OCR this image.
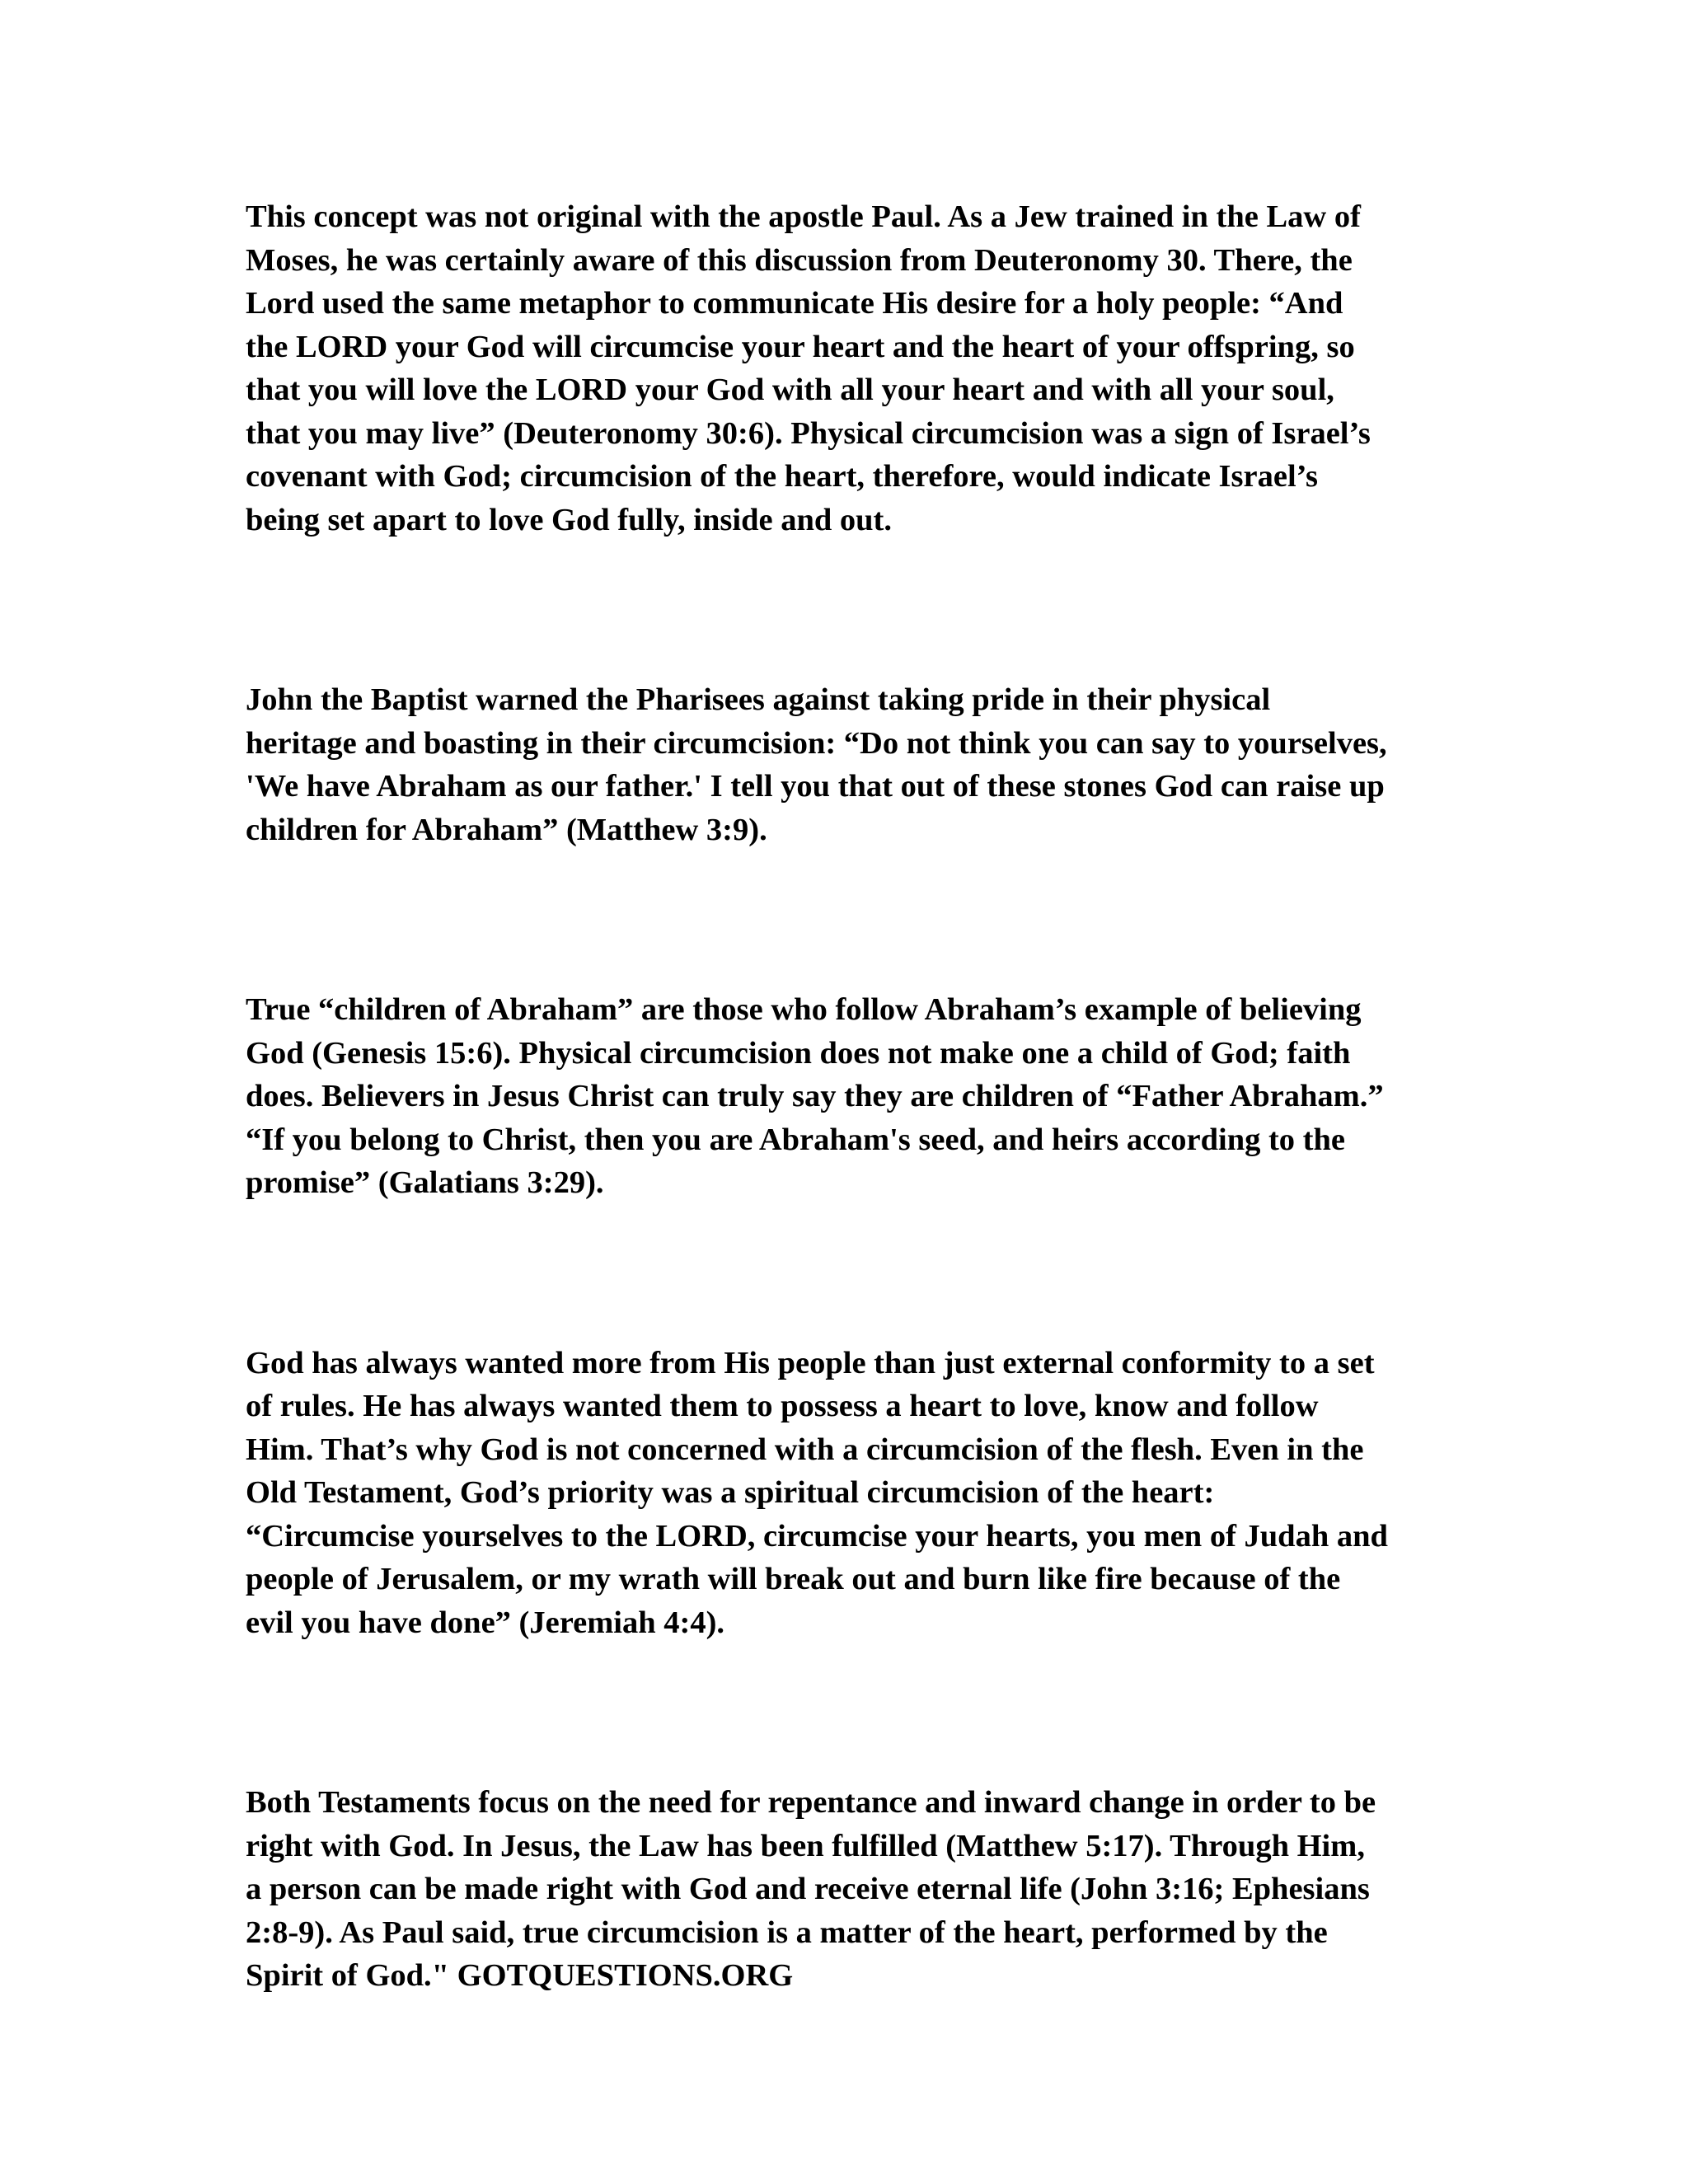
This concept was not original with the apostle Paul. As a Jew trained in the Law of
Moses, he was certainly aware of this discussion from Deuteronomy 30. There, the
Lord used the same metaphor to communicate His desire for a holy people: “And
the LORD your God will circumcise your heart and the heart of your offspring, so
that you will love the LORD your God with all your heart and with all your soul,
that you may live” (Deuteronomy 30:6). Physical circumcision was a sign of Israel’s
covenant with God; circumcision of the heart, therefore, would indicate Israel’s
being set apart to love God fully, inside and out.

John the Baptist warned the Pharisees against taking pride in their physical
heritage and boasting in their circumcision: “Do not think you can say to yourselves,
'We have Abraham as our father.' I tell you that out of these stones God can raise up
children for Abraham” (Matthew 3:9).

True “children of Abraham” are those who follow Abraham’s example of believing
God (Genesis 15:6). Physical circumcision does not make one a child of God; faith
does. Believers in Jesus Christ can truly say they are children of “Father Abraham.”
“If you belong to Christ, then you are Abraham's seed, and heirs according to the
promise” (Galatians 3:29).

God has always wanted more from His people than just external conformity to a set
of rules. He has always wanted them to possess a heart to love, know and follow
Him. That’s why God is not concerned with a circumcision of the flesh. Even in the
Old Testament, God’s priority was a spiritual circumcision of the heart:
“Circumcise yourselves to the LORD, circumcise your hearts, you men of Judah and
people of Jerusalem, or my wrath will break out and burn like fire because of the
evil you have done” (Jeremiah 4:4).

Both Testaments focus on the need for repentance and inward change in order to be
right with God. In Jesus, the Law has been fulfilled (Matthew 5:17). Through Him,
a person can be made right with God and receive eternal life (John 3:16; Ephesians
2:8-9). As Paul said, true circumcision is a matter of the heart, performed by the
Spirit of God." GOTQUESTIONS.ORG
